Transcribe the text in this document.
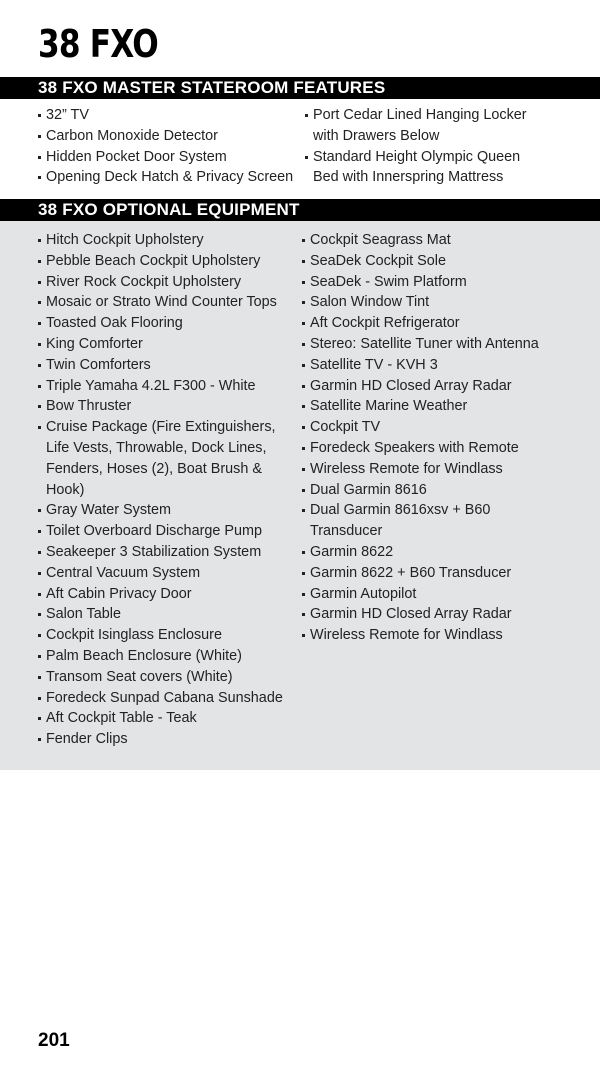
38 FXO
38 FXO MASTER STATEROOM FEATURES
32” TV
Carbon Monoxide Detector
Hidden Pocket Door System
Opening Deck Hatch & Privacy Screen
Port Cedar Lined Hanging Locker with Drawers Below
Standard Height Olympic Queen Bed with Innerspring Mattress
38 FXO OPTIONAL EQUIPMENT
Hitch Cockpit Upholstery
Pebble Beach Cockpit Upholstery
River Rock Cockpit Upholstery
Mosaic or Strato Wind Counter Tops
Toasted Oak Flooring
King Comforter
Twin Comforters
Triple Yamaha 4.2L F300 - White
Bow Thruster
Cruise Package (Fire Extinguishers, Life Vests, Throwable, Dock Lines, Fenders, Hoses (2), Boat Brush & Hook)
Gray Water System
Toilet Overboard Discharge Pump
Seakeeper 3 Stabilization System
Central Vacuum System
Aft Cabin Privacy Door
Salon Table
Cockpit Isinglass Enclosure
Palm Beach Enclosure (White)
Transom Seat covers (White)
Foredeck Sunpad Cabana Sunshade
Aft Cockpit Table - Teak
Fender Clips
Cockpit Seagrass Mat
SeaDek Cockpit Sole
SeaDek - Swim Platform
Salon Window Tint
Aft Cockpit Refrigerator
Stereo: Satellite Tuner with Antenna
Satellite TV - KVH 3
Garmin HD Closed Array Radar
Satellite Marine Weather
Cockpit TV
Foredeck Speakers with Remote
Wireless Remote for Windlass
Dual Garmin 8616
Dual Garmin 8616xsv + B60 Transducer
Garmin 8622
Garmin 8622 + B60 Transducer
Garmin Autopilot
Garmin HD Closed Array Radar
Wireless Remote for Windlass
201
